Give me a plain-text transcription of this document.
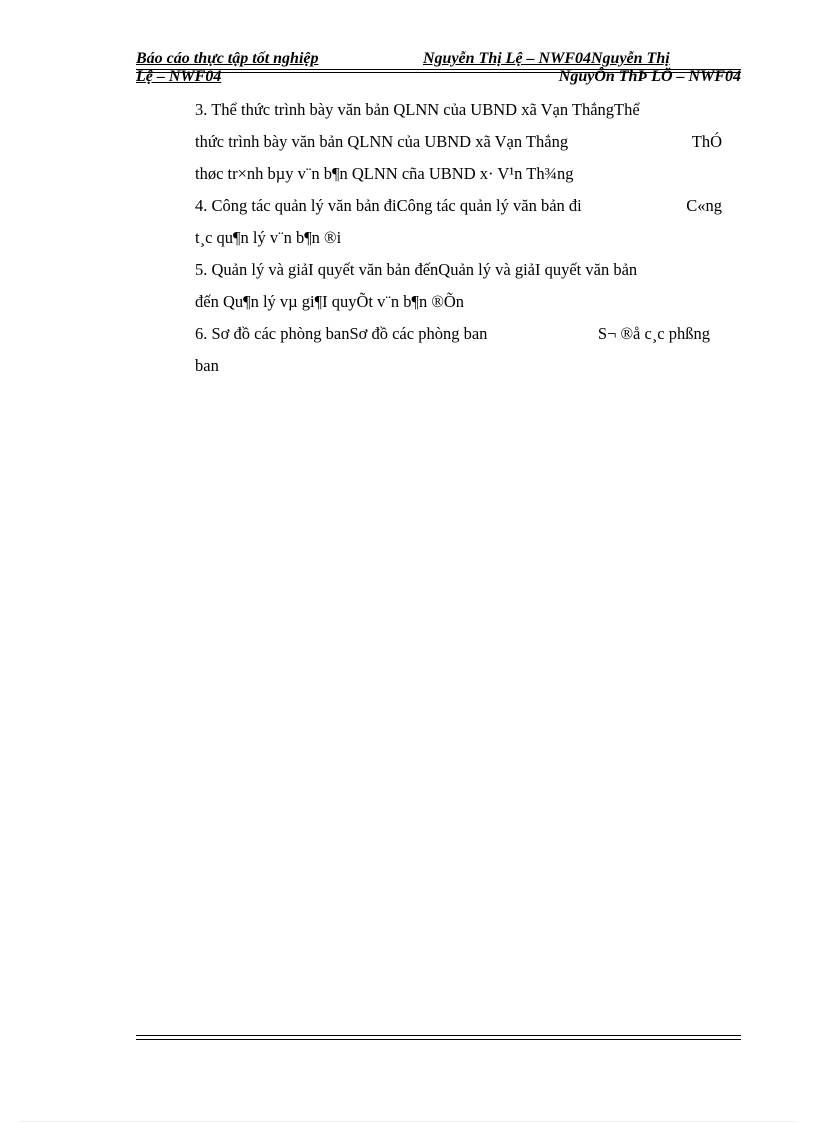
Báo cáo thực tập tốt nghiệp	Nguyễn Thị Lệ – NWF04Nguyễn Thị
Lệ – NWF04	NguyÔn ThÞ LÖ – NWF04
3. Thể thức trình bày văn bản QLNN của UBND xã Vạn ThắngThể
thức trình bày văn bản QLNN của UBND xã Vạn Thắng	ThÓ
thøc tr×nh bµy v¨n b¶n QLNN cña UBND x· V¹n Th¾ng
4. Công tác quản lý văn bản điCông tác quản lý văn bản đi	C«ng
t¸c qu¶n lý v¨n b¶n ®i
5. Quản lý và giảI quyết văn bản đếnQuản lý và giảI quyết văn bản
đến Qu¶n lý vµ gi¶I quyÕt v¨n b¶n ®Õn
6. Sơ đồ các phòng banSơ đồ các phòng ban	S¬ ®å c¸c phßng
ban
